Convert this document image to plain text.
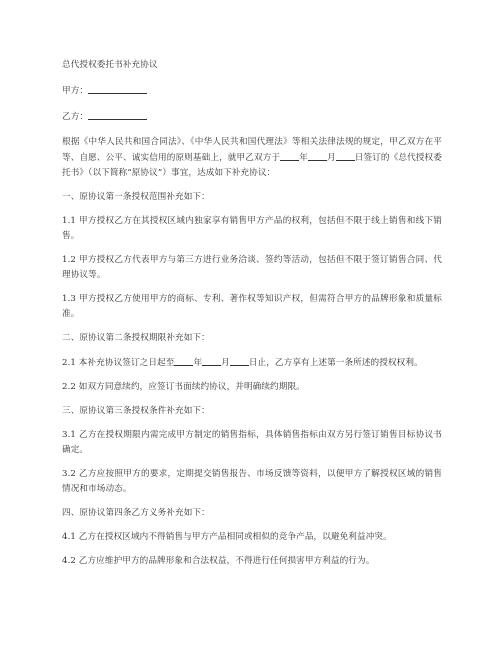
总代授权委托书补充协议
甲方：
乙方：
根据《中华人民共和国合同法》、《中华人民共和国代理法》等相关法律法规的规定，甲乙双方在平等、自愿、公平、诚实信用的原则基础上，就甲乙双方于 年 月 日签订的《总代授权委托书》（以下简称“原协议”）事宜，达成如下补充协议：
一、原协议第一条授权范围补充如下：
1.1 甲方授权乙方在其授权区域内独家享有销售甲方产品的权利，包括但不限于线上销售和线下销售。
1.2 甲方授权乙方代表甲方与第三方进行业务洽谈、签约等活动，包括但不限于签订销售合同、代理协议等。
1.3 甲方授权乙方使用甲方的商标、专利、著作权等知识产权，但需符合甲方的品牌形象和质量标准。
二、原协议第二条授权期限补充如下：
2.1 本补充协议签订之日起至 年 月 日止，乙方享有上述第一条所述的授权权利。
2.2 如双方同意续约，应签订书面续约协议，并明确续约期限。
三、原协议第三条授权条件补充如下：
3.1 乙方在授权期限内需完成甲方制定的销售指标，具体销售指标由双方另行签订销售目标协议书确定。
3.2 乙方应按照甲方的要求，定期提交销售报告、市场反馈等资料，以便甲方了解授权区域的销售情况和市场动态。
四、原协议第四条乙方义务补充如下：
4.1 乙方在授权区域内不得销售与甲方产品相同或相似的竞争产品，以避免利益冲突。
4.2 乙方应维护甲方的品牌形象和合法权益，不得进行任何损害甲方利益的行为。
